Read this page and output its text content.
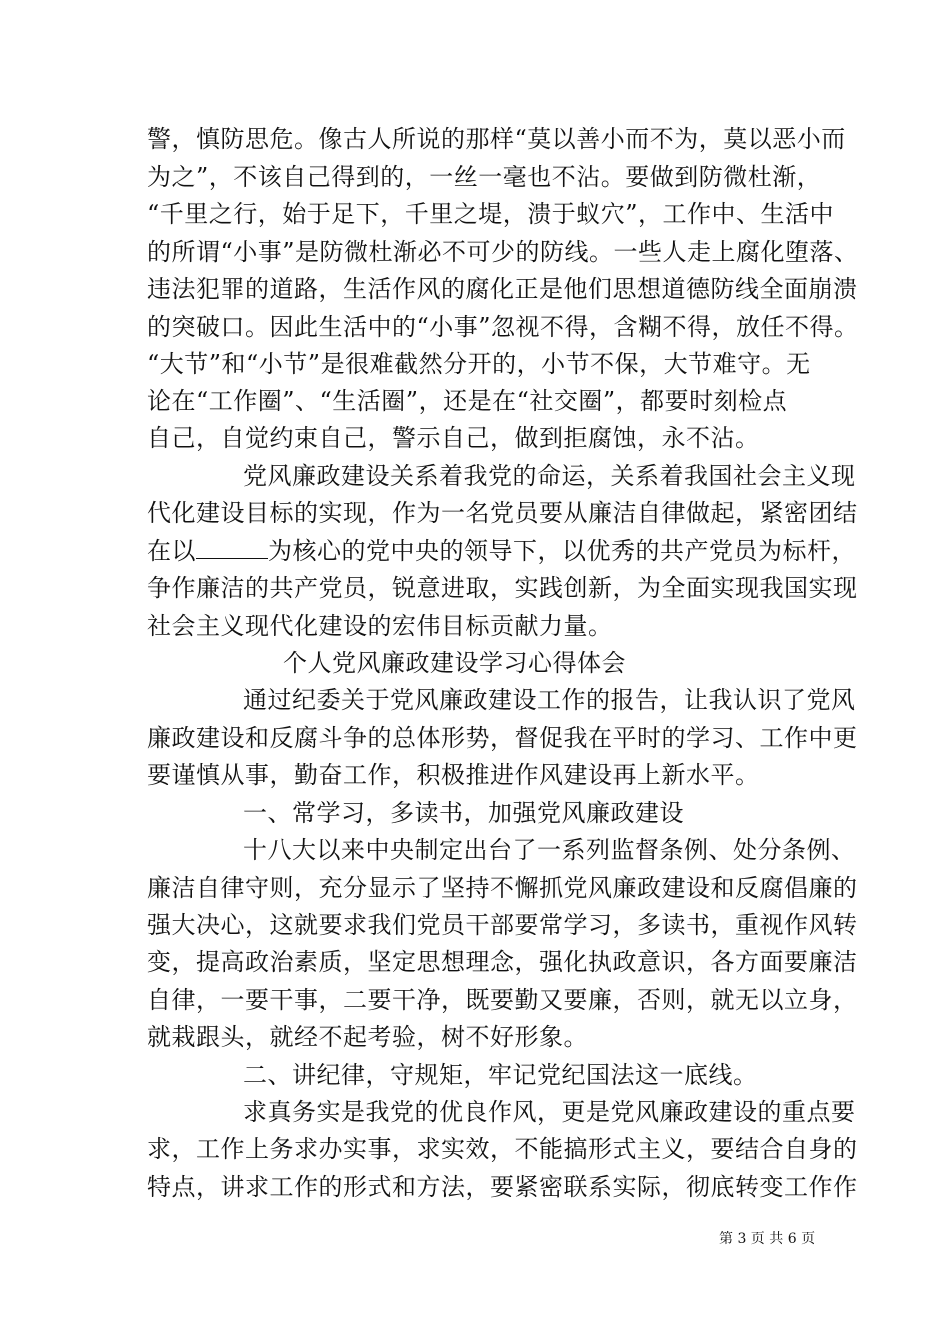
警，慎防思危。像古人所说的那样“莫以善小而不为，莫以恶小而
为之”，不该自己得到的，一丝一毫也不沾。要做到防微杜渐，
“千里之行，始于足下，千里之堤，溃于蚁穴”，工作中、生活中
的所谓“小事”是防微杜渐必不可少的防线。一些人走上腐化堕落、
违法犯罪的道路，生活作风的腐化正是他们思想道德防线全面崩溃
的突破口。因此生活中的“小事”忽视不得，含糊不得，放任不得。
“大节”和“小节”是很难截然分开的，小节不保，大节难守。无
论在“工作圈”、“生活圈”，还是在“社交圈”，都要时刻检点
自己，自觉约束自己，警示自己，做到拒腐蚀，永不沾。
党风廉政建设关系着我党的命运，关系着我国社会主义现
代化建设目标的实现，作为一名党员要从廉洁自律做起，紧密团结
在以	为核心的党中央的领导下，以优秀的共产党员为标杆，
争作廉洁的共产党员，锐意进取，实践创新，为全面实现我国实现
社会主义现代化建设的宏伟目标贡献力量。
个人党风廉政建设学习心得体会
通过纪委关于党风廉政建设工作的报告，让我认识了党风
廉政建设和反腐斗争的总体形势，督促我在平时的学习、工作中更
要谨慎从事，勤奋工作，积极推进作风建设再上新水平。
一、常学习，多读书，加强党风廉政建设
十八大以来中央制定出台了一系列监督条例、处分条例、
廉洁自律守则，充分显示了坚持不懈抓党风廉政建设和反腐倡廉的
强大决心，这就要求我们党员干部要常学习，多读书，重视作风转
变，提高政治素质，坚定思想理念，强化执政意识，各方面要廉洁
自律，一要干事，二要干净，既要勤又要廉，否则，就无以立身，
就栽跟头，就经不起考验，树不好形象。
二、讲纪律，守规矩，牢记党纪国法这一底线。
求真务实是我党的优良作风，更是党风廉政建设的重点要
求，工作上务求办实事，求实效，不能搞形式主义，要结合自身的
特点，讲求工作的形式和方法，要紧密联系实际，彻底转变工作作
第 3 页 共 6 页
